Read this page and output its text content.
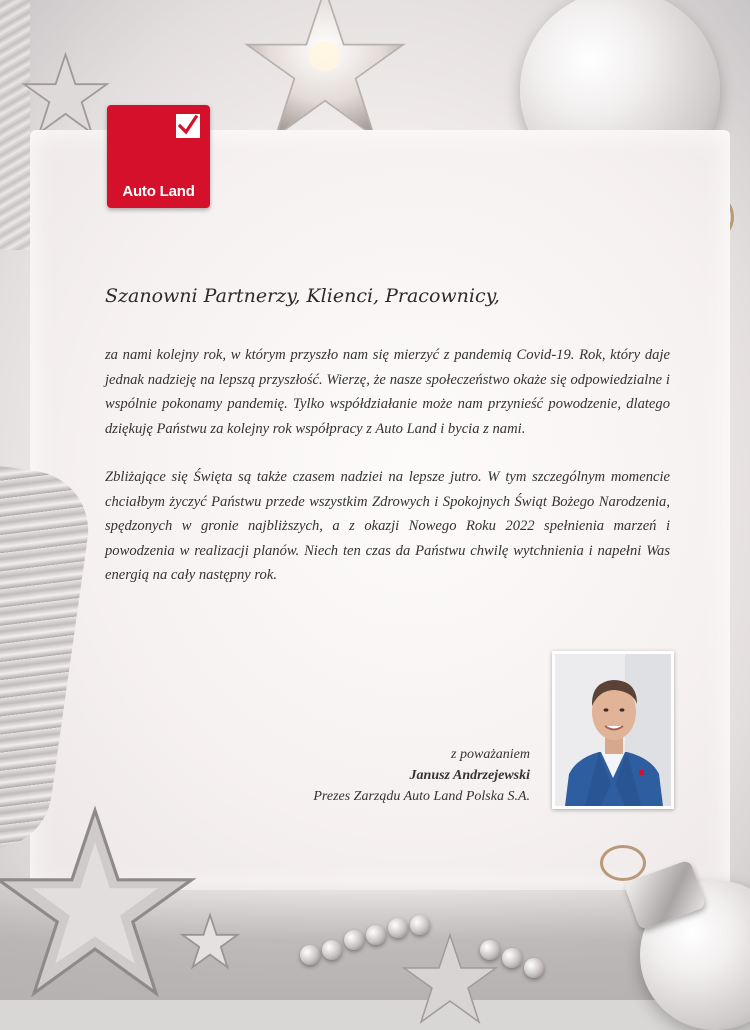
Auto Land

Szanowni Partnerzy, Klienci, Pracownicy,

za nami kolejny rok, w którym przyszło nam się mierzyć z pandemią Covid-19. Rok, który daje jednak nadzieję na lepszą przyszłość. Wierzę, że nasze społeczeństwo okaże się odpowiedzialne i wspólnie pokonamy pandemię. Tylko współdziałanie może nam przynieść powodzenie, dlatego dziękuję Państwu za kolejny rok współpracy z Auto Land i bycia z nami.

Zbliżające się Święta są także czasem nadziei na lepsze jutro. W tym szczególnym momencie chciałbym życzyć Państwu przede wszystkim Zdrowych i Spokojnych Świąt Bożego Narodzenia, spędzonych w gronie najbliższych, a z okazji Nowego Roku 2022 spełnienia marzeń i powodzenia w realizacji planów. Niech ten czas da Państwu chwilę wytchnienia i napełni Was energią na cały następny rok.

z poważaniem
Janusz Andrzejewski
Prezes Zarządu Auto Land Polska S.A.
